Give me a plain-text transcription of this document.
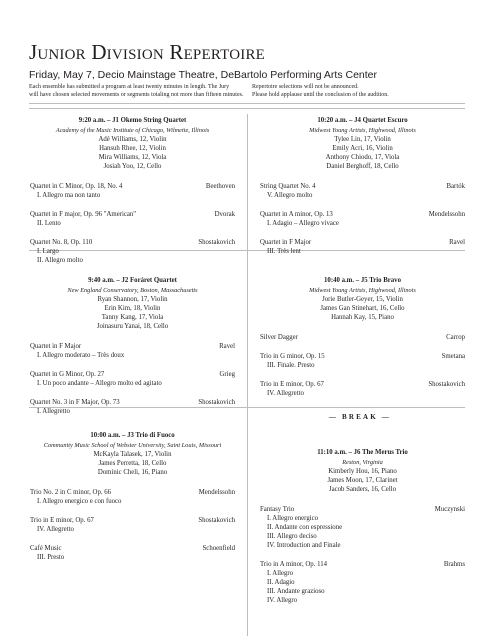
Junior Division Repertoire
Friday, May 7, Decio Mainstage Theatre, DeBartolo Performing Arts Center
Each ensemble has submitted a program at least twenty minutes in length. The Jury
will have chosen selected movements or segments totaling not more than fifteen minutes.
Repertoire selections will not be announced.
Please hold applause until the conclusion of the audition.
9:20 a.m. – J1 Okemo String Quartet
Academy of the Music Institute of Chicago, Wilmette, Illinois
Adé Williams, 12, Violin
Hansuh Rhee, 12, Violin
Mira Williams, 12, Viola
Josiah Yoo, 12, Cello
Quartet in C Minor, Op. 18, No. 4	Beethoven
I. Allegro ma non tanto
Quartet in F major, Op. 96 "American"	Dvorak
II. Lento
Quartet No. 8, Op. 110	Shostakovich
I. Largo
II. Allegro molto
9:40 a.m. – J2 Foráret Quartet
New England Conservatory, Boston, Massachusetts
Ryan Shannon, 17, Violin
Erin Kim, 18, Violin
Tanny Kang, 17, Viola
Joinasuru Yanai, 18, Cello
Quartet in F Major	Ravel
I. Allegro moderato – Très doux
Quartet in G Minor, Op. 27	Grieg
I. Un poco andante – Allegro molto ed agitato
Quartet No. 3 in F Major, Op. 73	Shostakovich
I. Allegretto
10:00 a.m. – J3 Trio di Fuoco
Community Music School of Webster University, Saint Louis, Missouri
McKayla Talasek, 17, Violin
James Perretta, 18, Cello
Dominic Cheli, 16, Piano
Trio No. 2 in C minor, Op. 66	Mendelssohn
I. Allegro energico e con fuoco
Trio in E minor, Op. 67	Shostakovich
IV. Allegretto
Café Music	Schoenfield
III. Presto
10:20 a.m. – J4 Quartet Escuro
Midwest Young Artists, Highwood, Illinois
Tylee Lin, 17, Violin
Emily Acri, 16, Violin
Anthony Chiodo, 17, Viola
Daniel Berghoff, 18, Cello
String Quartet No. 4	Bartók
V. Allegro molto
Quartet in A minor, Op. 13	Mendelssohn
I. Adagio – Allegro vivace
Quartet in F Major	Ravel
III. Très lent
10:40 a.m. – J5 Trio Bravo
Midwest Young Artists, Highwood, Illinois
Jorie Butler-Geyer, 15, Violin
James Gan Stinehart, 16, Cello
Hannah Kay, 15, Piano
Silver Dagger	Carrop
Trio in G minor, Op. 15	Smetana
III. Finale. Presto
Trio in E minor, Op. 67	Shostakovich
IV. Allegretto
— BREAK —
11:10 a.m. – J6 The Merus Trio
Reston, Virginia
Kimberly Hou, 16, Piano
James Moon, 17, Clarinet
Jacob Sanders, 16, Cello
Fantasy Trio	Muczynski
I. Allegro energico
II. Andante con espressione
III. Allegro deciso
IV. Introduction and Finale
Trio in A minor, Op. 114	Brahms
I. Allegro
II. Adagio
III. Andante grazioso
IV. Allegro
